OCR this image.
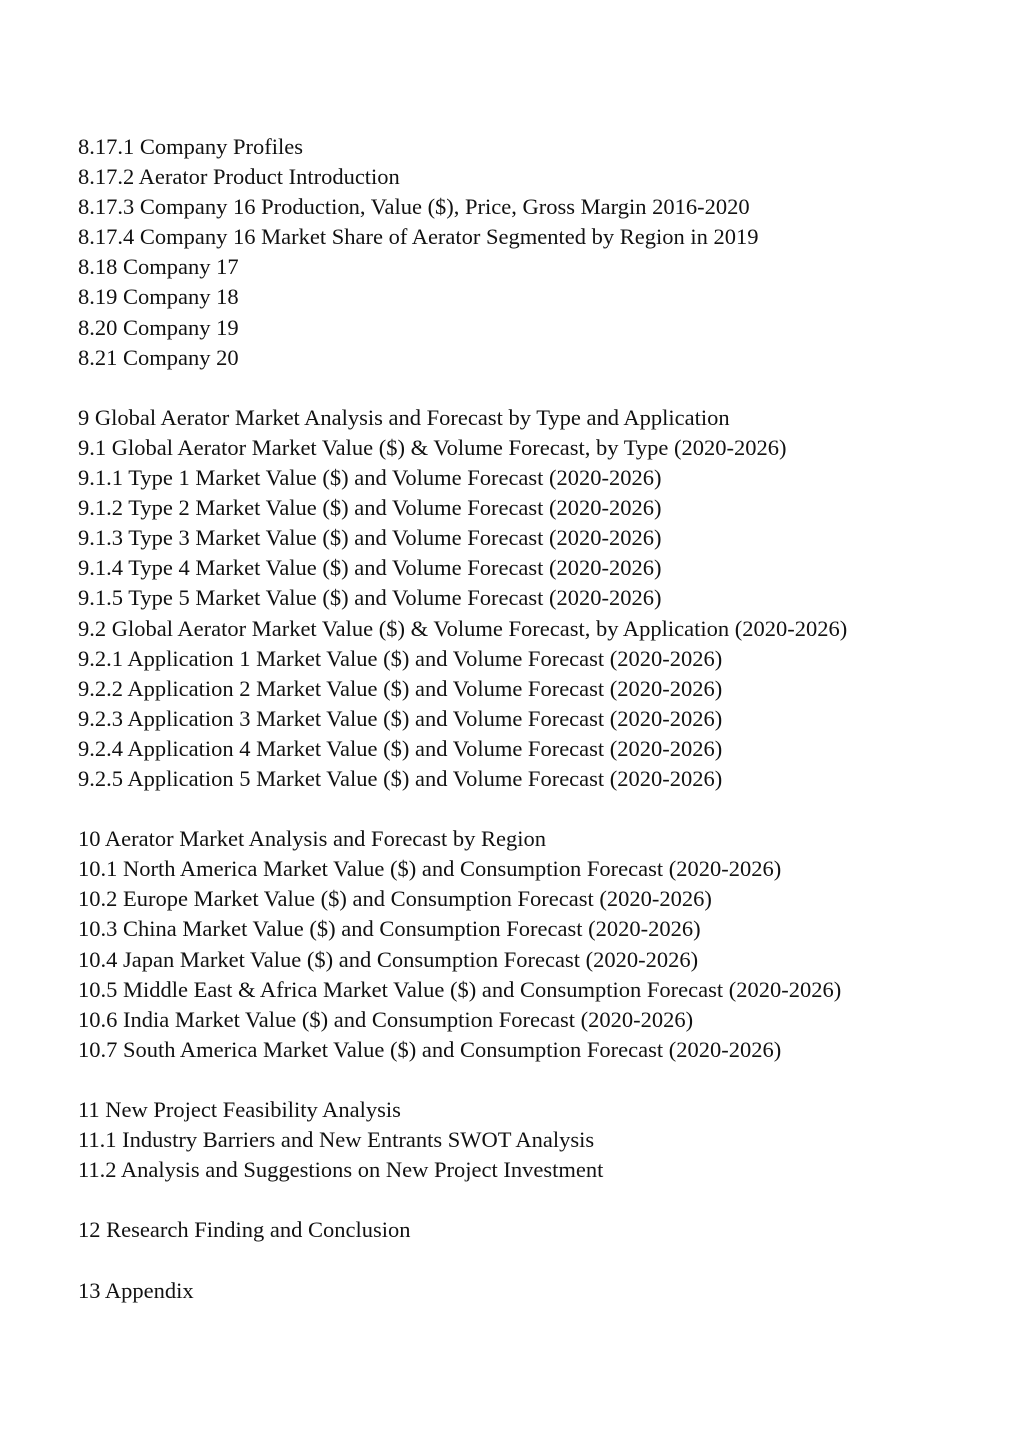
8.17.1 Company Profiles
8.17.2 Aerator Product Introduction
8.17.3 Company 16 Production, Value ($), Price, Gross Margin 2016-2020
8.17.4 Company 16 Market Share of Aerator Segmented by Region in 2019
8.18 Company 17
8.19 Company 18
8.20 Company 19
8.21 Company 20
9 Global Aerator Market Analysis and Forecast by Type and Application
9.1 Global Aerator Market Value ($) & Volume Forecast, by Type (2020-2026)
9.1.1 Type 1 Market Value ($) and Volume Forecast (2020-2026)
9.1.2 Type 2 Market Value ($) and Volume Forecast (2020-2026)
9.1.3 Type 3 Market Value ($) and Volume Forecast (2020-2026)
9.1.4 Type 4 Market Value ($) and Volume Forecast (2020-2026)
9.1.5 Type 5 Market Value ($) and Volume Forecast (2020-2026)
9.2 Global Aerator Market Value ($) & Volume Forecast, by Application (2020-2026)
9.2.1 Application 1 Market Value ($) and Volume Forecast (2020-2026)
9.2.2 Application 2 Market Value ($) and Volume Forecast (2020-2026)
9.2.3 Application 3 Market Value ($) and Volume Forecast (2020-2026)
9.2.4 Application 4 Market Value ($) and Volume Forecast (2020-2026)
9.2.5 Application 5 Market Value ($) and Volume Forecast (2020-2026)
10 Aerator Market Analysis and Forecast by Region
10.1 North America Market Value ($) and Consumption Forecast (2020-2026)
10.2 Europe Market Value ($) and Consumption Forecast (2020-2026)
10.3 China Market Value ($) and Consumption Forecast (2020-2026)
10.4 Japan Market Value ($) and Consumption Forecast (2020-2026)
10.5 Middle East & Africa Market Value ($) and Consumption Forecast (2020-2026)
10.6 India Market Value ($) and Consumption Forecast (2020-2026)
10.7 South America Market Value ($) and Consumption Forecast (2020-2026)
11 New Project Feasibility Analysis
11.1 Industry Barriers and New Entrants SWOT Analysis
11.2 Analysis and Suggestions on New Project Investment
12 Research Finding and Conclusion
13 Appendix
